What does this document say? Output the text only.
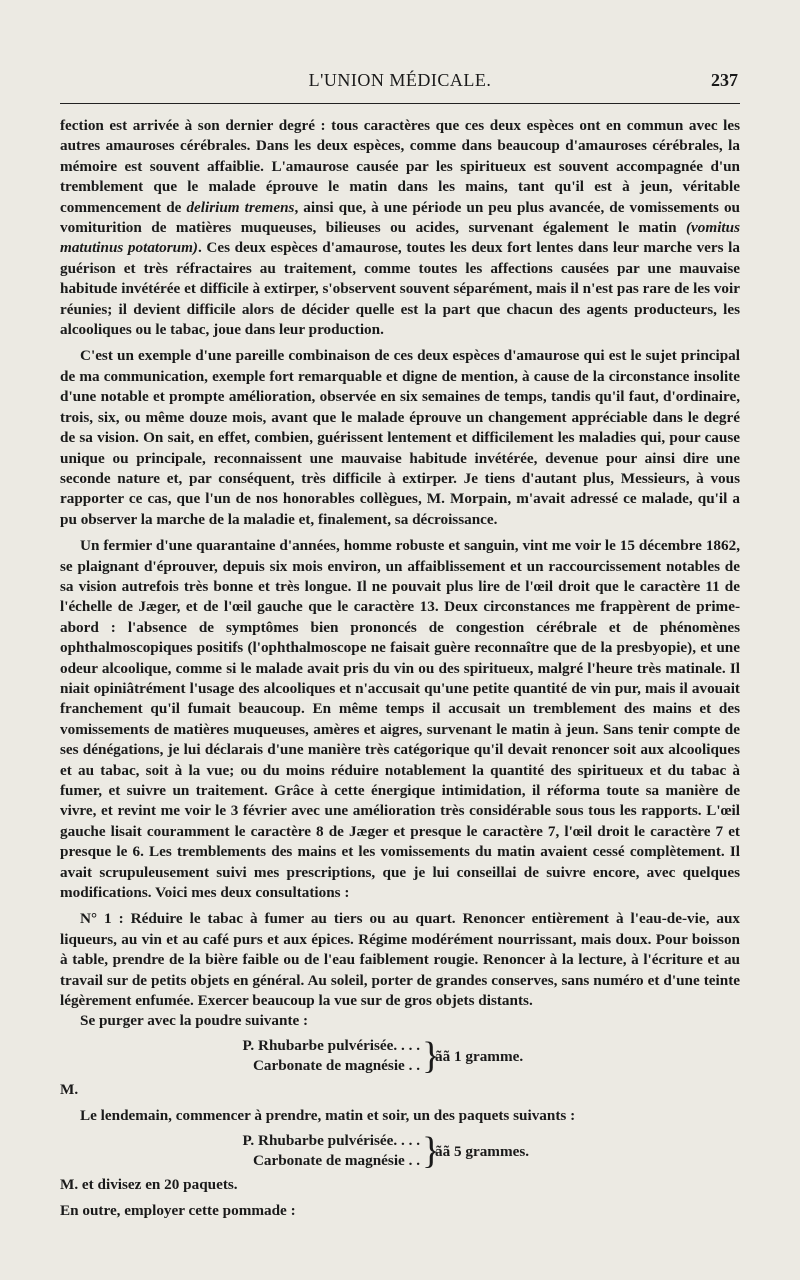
L'UNION MÉDICALE.	237

fection est arrivée à son dernier degré : tous caractères que ces deux espèces ont en commun avec les autres amauroses cérébrales. Dans les deux espèces, comme dans beaucoup d'amauroses cérébrales, la mémoire est souvent affaiblie. L'amaurose causée par les spiritueux est souvent accompagnée d'un tremblement que le malade éprouve le matin dans les mains, tant qu'il est à jeun, véritable commencement de delirium tremens, ainsi que, à une période un peu plus avancée, de vomissements ou vomiturition de matières muqueuses, bilieuses ou acides, survenant également le matin (vomitus matutinus potatorum). Ces deux espèces d'amaurose, toutes les deux fort lentes dans leur marche vers la guérison et très réfractaires au traitement, comme toutes les affections causées par une mauvaise habitude invétérée et difficile à extirper, s'observent souvent séparément, mais il n'est pas rare de les voir réunies; il devient difficile alors de décider quelle est la part que chacun des agents producteurs, les alcooliques ou le tabac, joue dans leur production.

C'est un exemple d'une pareille combinaison de ces deux espèces d'amaurose qui est le sujet principal de ma communication, exemple fort remarquable et digne de mention, à cause de la circonstance insolite d'une notable et prompte amélioration, observée en six semaines de temps, tandis qu'il faut, d'ordinaire, trois, six, ou même douze mois, avant que le malade éprouve un changement appréciable dans le degré de sa vision. On sait, en effet, combien, guérissent lentement et difficilement les maladies qui, pour cause unique ou principale, reconnaissent une mauvaise habitude invétérée, devenue pour ainsi dire une seconde nature et, par conséquent, très difficile à extirper. Je tiens d'autant plus, Messieurs, à vous rapporter ce cas, que l'un de nos honorables collègues, M. Morpain, m'avait adressé ce malade, qu'il a pu observer la marche de la maladie et, finalement, sa décroissance.

Un fermier d'une quarantaine d'années, homme robuste et sanguin, vint me voir le 15 décembre 1862, se plaignant d'éprouver, depuis six mois environ, un affaiblissement et un raccourcissement notables de sa vision autrefois très bonne et très longue. Il ne pouvait plus lire de l'œil droit que le caractère 11 de l'échelle de Jæger, et de l'œil gauche que le caractère 13. Deux circonstances me frappèrent de prime-abord : l'absence de symptômes bien prononcés de congestion cérébrale et de phénomènes ophthalmoscopiques positifs (l'ophthalmoscope ne faisait guère reconnaître que de la presbyopie), et une odeur alcoolique, comme si le malade avait pris du vin ou des spiritueux, malgré l'heure très matinale. Il niait opiniâtrément l'usage des alcooliques et n'accusait qu'une petite quantité de vin pur, mais il avouait franchement qu'il fumait beaucoup. En même temps il accusait un tremblement des mains et des vomissements de matières muqueuses, amères et aigres, survenant le matin à jeun. Sans tenir compte de ses dénégations, je lui déclarais d'une manière très catégorique qu'il devait renoncer soit aux alcooliques et au tabac, soit à la vue; ou du moins réduire notablement la quantité des spiritueux et du tabac à fumer, et suivre un traitement. Grâce à cette énergique intimidation, il réforma toute sa manière de vivre, et revint me voir le 3 février avec une amélioration très considérable sous tous les rapports. L'œil gauche lisait couramment le caractère 8 de Jæger et presque le caractère 7, l'œil droit le caractère 7 et presque le 6. Les tremblements des mains et les vomissements du matin avaient cessé complètement. Il avait scrupuleusement suivi mes prescriptions, que je lui conseillai de suivre encore, avec quelques modifications. Voici mes deux consultations :

N° 1 : Réduire le tabac à fumer au tiers ou au quart. Renoncer entièrement à l'eau-de-vie, aux liqueurs, au vin et au café purs et aux épices. Régime modérément nourrissant, mais doux. Pour boisson à table, prendre de la bière faible ou de l'eau faiblement rougie. Renoncer à la lecture, à l'écriture et au travail sur de petits objets en général. Au soleil, porter de grandes conserves, sans numéro et d'une teinte légèrement enfumée. Exercer beaucoup la vue sur de gros objets distants.

Se purger avec la poudre suivante :

P. Rhubarbe pulvérisée. . . .
Carbonate de magnésie . . }
ãã 1 gramme.

M.

Le lendemain, commencer à prendre, matin et soir, un des paquets suivants :

P. Rhubarbe pulvérisée. . . .
Carbonate de magnésie . . }
ãã 5 grammes.

M. et divisez en 20 paquets.

En outre, employer cette pommade :
